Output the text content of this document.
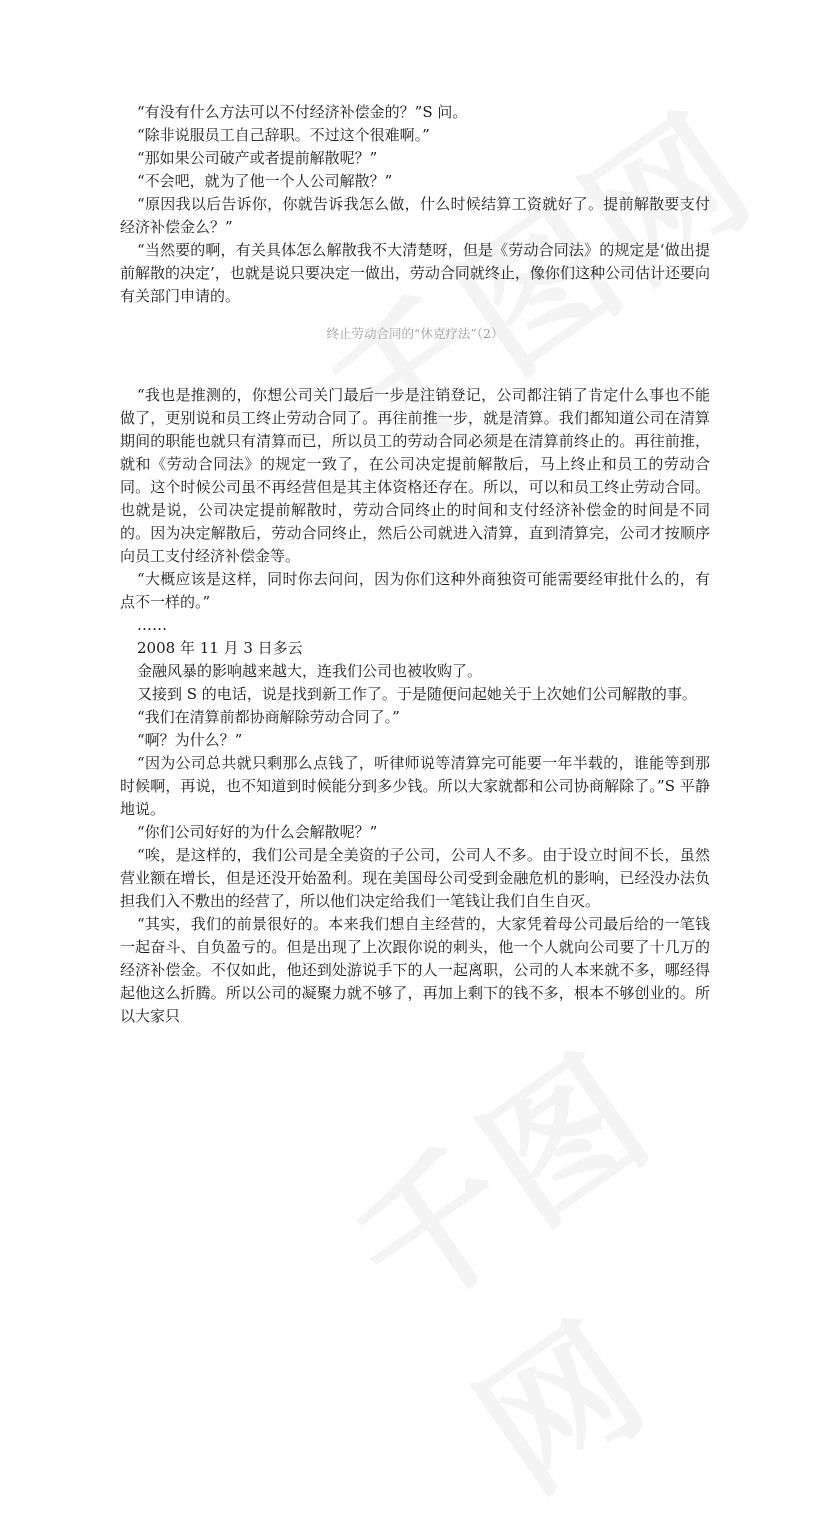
“有没有什么方法可以不付经济补偿金的？”S 问。

“除非说服员工自己辞职。不过这个很难啊。”

“那如果公司破产或者提前解散呢？”

“不会吧，就为了他一个人公司解散？”

“原因我以后告诉你，你就告诉我怎么做，什么时候结算工资就好了。提前解散要支付经济补偿金么？”

“当然要的啊，有关具体怎么解散我不大清楚呀，但是《劳动合同法》的规定是‘做出提前解散的决定’，也就是说只要决定一做出，劳动合同就终止，像你们这种公司估计还要向有关部门申请的。

终止劳动合同的“休克疗法”（2）

“我也是推测的，你想公司关门最后一步是注销登记，公司都注销了肯定什么事也不能做了，更别说和员工终止劳动合同了。再往前推一步，就是清算。我们都知道公司在清算期间的职能也就只有清算而已，所以员工的劳动合同必须是在清算前终止的。再往前推，就和《劳动合同法》的规定一致了，在公司决定提前解散后，马上终止和员工的劳动合同。这个时候公司虽不再经营但是其主体资格还存在。所以，可以和员工终止劳动合同。也就是说，公司决定提前解散时，劳动合同终止的时间和支付经济补偿金的时间是不同的。因为决定解散后，劳动合同终止，然后公司就进入清算，直到清算完，公司才按顺序向员工支付经济补偿金等。

“大概应该是这样，同时你去问问，因为你们这种外商独资可能需要经审批什么的，有点不一样的。”

……

2008 年 11 月 3 日多云

金融风暴的影响越来越大，连我们公司也被收购了。

又接到 S 的电话，说是找到新工作了。于是随便问起她关于上次她们公司解散的事。

“我们在清算前都协商解除劳动合同了。”

“啊？为什么？”

“因为公司总共就只剩那么点钱了，听律师说等清算完可能要一年半载的，谁能等到那时候啊，再说，也不知道到时候能分到多少钱。所以大家就都和公司协商解除了。”S 平静地说。

“你们公司好好的为什么会解散呢？”

“唉，是这样的，我们公司是全美资的子公司，公司人不多。由于设立时间不长，虽然营业额在增长，但是还没开始盈利。现在美国母公司受到金融危机的影响，已经没办法负担我们入不敷出的经营了，所以他们决定给我们一笔钱让我们自生自灭。

“其实，我们的前景很好的。本来我们想自主经营的，大家凭着母公司最后给的一笔钱一起奋斗、自负盈亏的。但是出现了上次跟你说的刺头，他一个人就向公司要了十几万的经济补偿金。不仅如此，他还到处游说手下的人一起离职，公司的人本来就不多，哪经得起他这么折腾。所以公司的凝聚力就不够了，再加上剩下的钱不多，根本不够创业的。所以大家只
